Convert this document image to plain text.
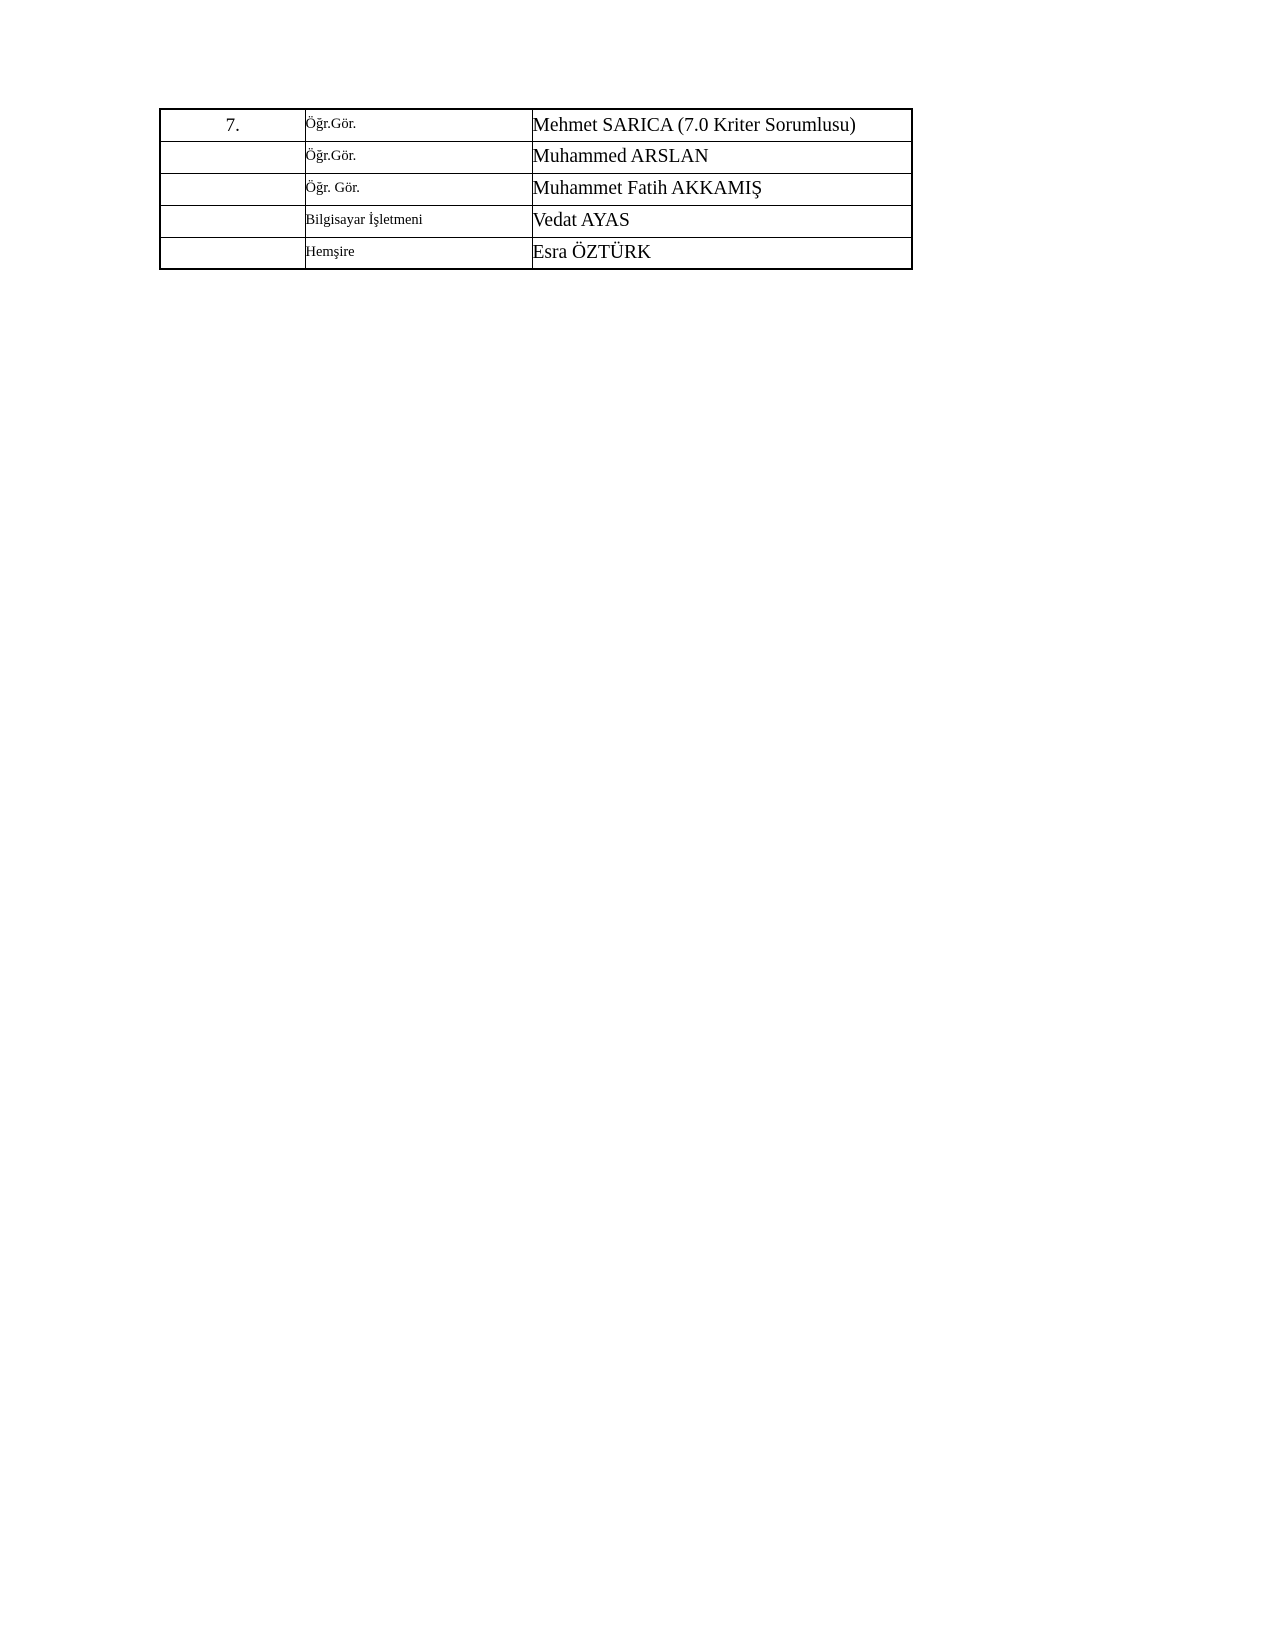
7.	Öğr.Gör.	Mehmet SARICA (7.0 Kriter Sorumlusu)
	Öğr.Gör.	Muhammed ARSLAN
	Öğr. Gör.	Muhammet Fatih AKKAMIŞ
	Bilgisayar İşletmeni	Vedat AYAS
	Hemşire	Esra ÖZTÜRK
